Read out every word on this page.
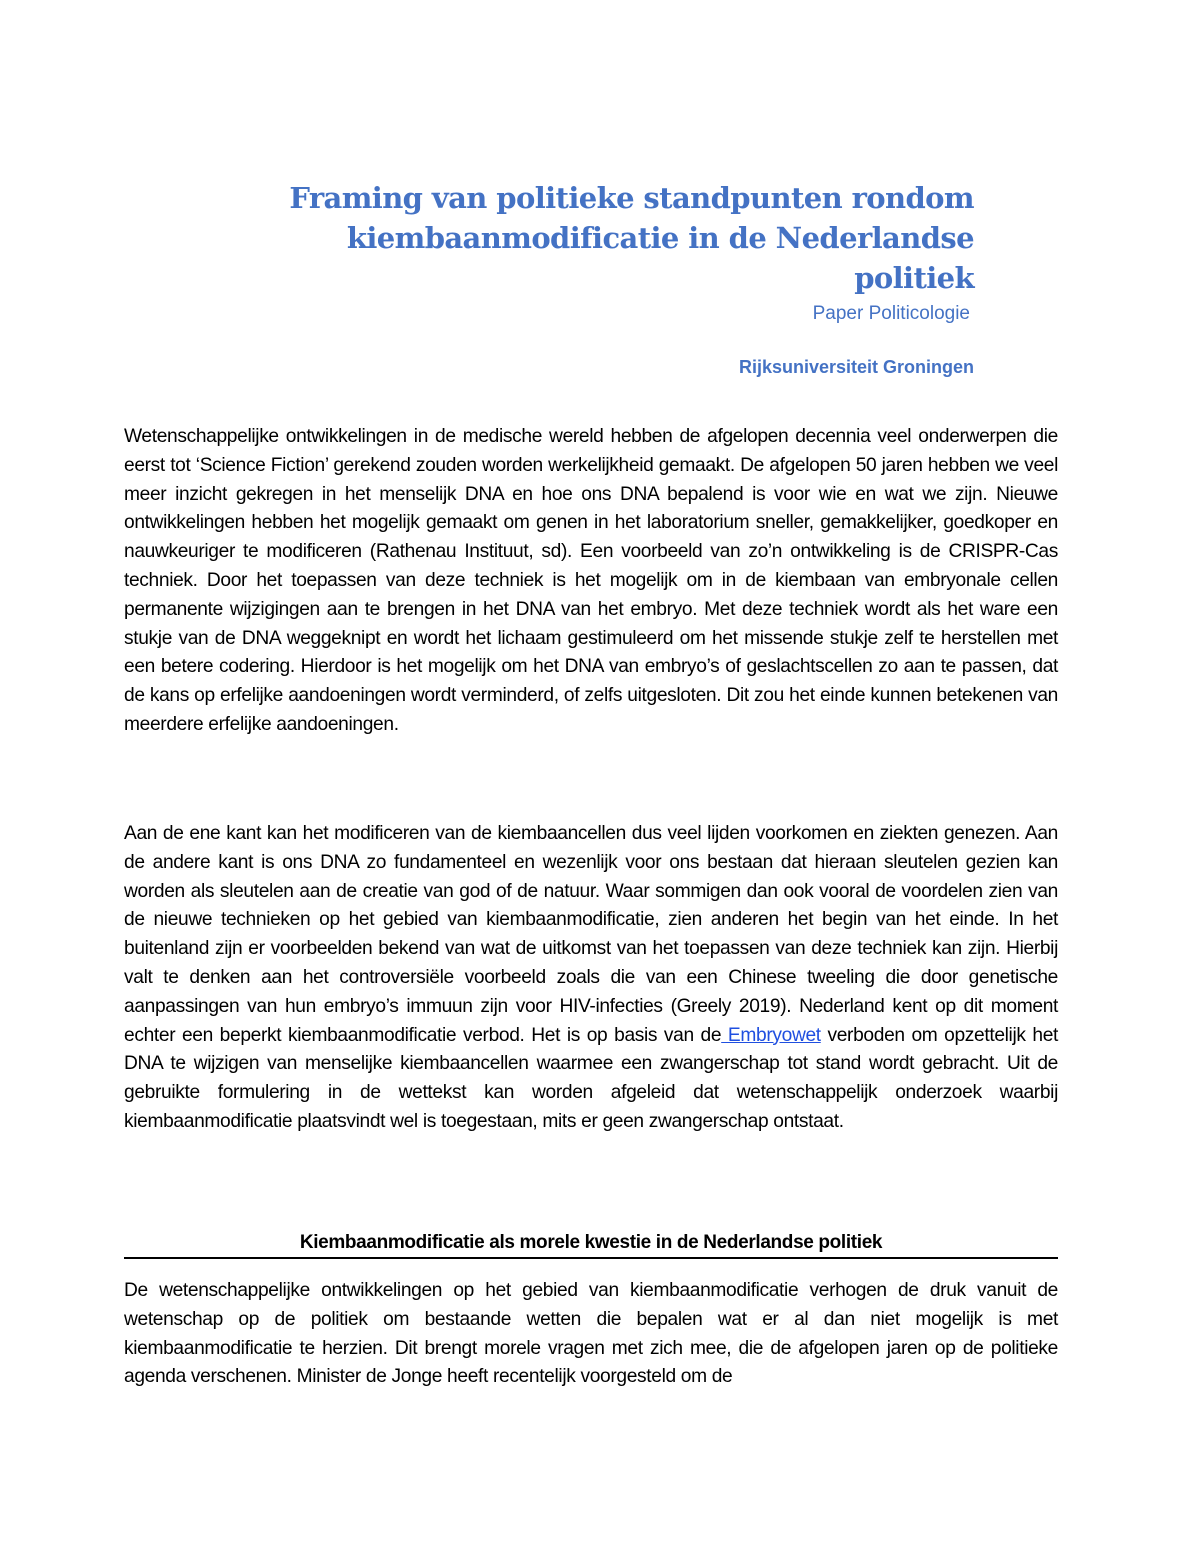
Framing van politieke standpunten rondom kiembaanmodificatie in de Nederlandse politiek
Paper Politicologie
Rijksuniversiteit Groningen

Wetenschappelijke ontwikkelingen in de medische wereld hebben de afgelopen decennia veel onderwerpen die eerst tot ‘Science Fiction’ gerekend zouden worden werkelijkheid gemaakt. De afgelopen 50 jaren hebben we veel meer inzicht gekregen in het menselijk DNA en hoe ons DNA bepalend is voor wie en wat we zijn. Nieuwe ontwikkelingen hebben het mogelijk gemaakt om genen in het laboratorium sneller, gemakkelijker, goedkoper en nauwkeuriger te modificeren (Rathenau Instituut, sd). Een voorbeeld van zo’n ontwikkeling is de CRISPR-Cas techniek. Door het toepassen van deze techniek is het mogelijk om in de kiembaan van embryonale cellen permanente wijzigingen aan te brengen in het DNA van het embryo. Met deze techniek wordt als het ware een stukje van de DNA weggeknipt en wordt het lichaam gestimuleerd om het missende stukje zelf te herstellen met een betere codering. Hierdoor is het mogelijk om het DNA van embryo’s of geslachtscellen zo aan te passen, dat de kans op erfelijke aandoeningen wordt verminderd, of zelfs uitgesloten. Dit zou het einde kunnen betekenen van meerdere erfelijke aandoeningen.

Aan de ene kant kan het modificeren van de kiembaancellen dus veel lijden voorkomen en ziekten genezen. Aan de andere kant is ons DNA zo fundamenteel en wezenlijk voor ons bestaan dat hieraan sleutelen gezien kan worden als sleutelen aan de creatie van god of de natuur. Waar sommigen dan ook vooral de voordelen zien van de nieuwe technieken op het gebied van kiembaanmodificatie, zien anderen het begin van het einde. In het buitenland zijn er voorbeelden bekend van wat de uitkomst van het toepassen van deze techniek kan zijn. Hierbij valt te denken aan het controversiële voorbeeld zoals die van een Chinese tweeling die door genetische aanpassingen van hun embryo’s immuun zijn voor HIV-infecties (Greely 2019). Nederland kent op dit moment echter een beperkt kiembaanmodificatie verbod. Het is op basis van de Embryowet verboden om opzettelijk het DNA te wijzigen van menselijke kiembaancellen waarmee een zwangerschap tot stand wordt gebracht. Uit de gebruikte formulering in de wettekst kan worden afgeleid dat wetenschappelijk onderzoek waarbij kiembaanmodificatie plaatsvindt wel is toegestaan, mits er geen zwangerschap ontstaat.

Kiembaanmodificatie als morele kwestie in de Nederlandse politiek

De wetenschappelijke ontwikkelingen op het gebied van kiembaanmodificatie verhogen de druk vanuit de wetenschap op de politiek om bestaande wetten die bepalen wat er al dan niet mogelijk is met kiembaanmodificatie te herzien. Dit brengt morele vragen met zich mee, die de afgelopen jaren op de politieke agenda verschenen. Minister de Jonge heeft recentelijk voorgesteld om de
